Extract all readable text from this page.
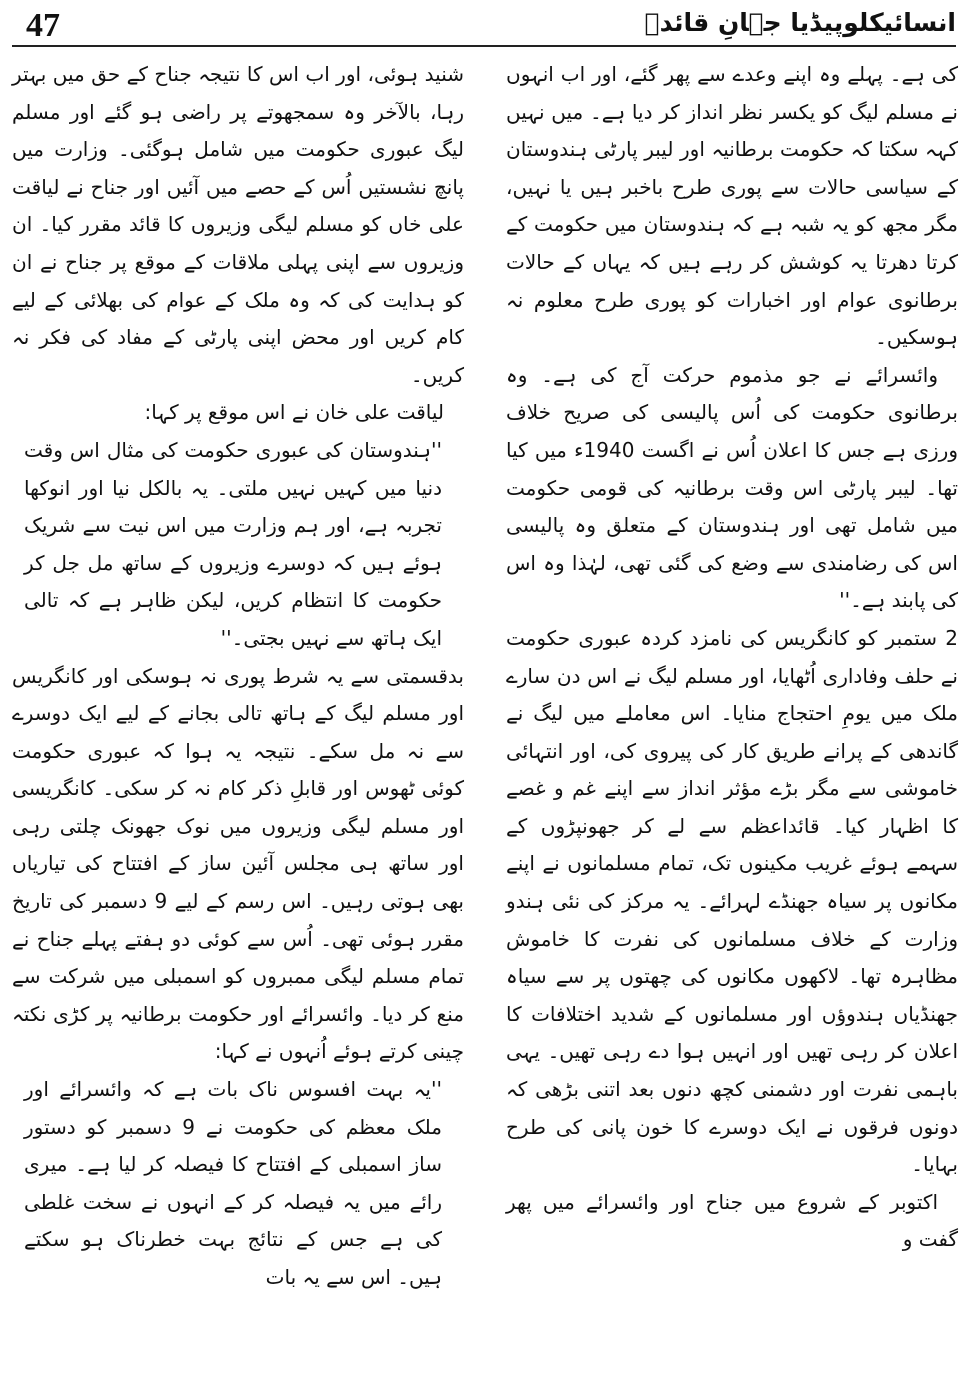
47	انسائیکلوپیڈیا جہانِ قائدؒ

کی ہے۔ پہلے وہ اپنے وعدے سے پھر گئے، اور اب انہوں نے مسلم لیگ کو یکسر نظر انداز کر دیا ہے۔ میں نہیں کہہ سکتا کہ حکومت برطانیہ اور لیبر پارٹی ہندوستان کے سیاسی حالات سے پوری طرح باخبر ہیں یا نہیں، مگر مجھ کو یہ شبہ ہے کہ ہندوستان میں حکومت کے کرتا دھرتا یہ کوشش کر رہے ہیں کہ یہاں کے حالات برطانوی عوام اور اخبارات کو پوری طرح معلوم نہ ہوسکیں۔

وائسرائے نے جو مذموم حرکت آج کی ہے۔ وہ برطانوی حکومت کی اُس پالیسی کی صریح خلاف ورزی ہے جس کا اعلان اُس نے اگست 1940ء میں کیا تھا۔ لیبر پارٹی اس وقت برطانیہ کی قومی حکومت میں شامل تھی اور ہندوستان کے متعلق وہ پالیسی اس کی رضامندی سے وضع کی گئی تھی، لہٰذا وہ اس کی پابند ہے۔''

2 ستمبر کو کانگریس کی نامزد کردہ عبوری حکومت نے حلف وفاداری اُٹھایا، اور مسلم لیگ نے اس دن سارے ملک میں یومِ احتجاج منایا۔ اس معاملے میں لیگ نے گاندھی کے پرانے طریق کار کی پیروی کی، اور انتہائی خاموشی سے مگر بڑے مؤثر انداز سے اپنے غم و غصے کا اظہار کیا۔ قائداعظم سے لے کر جھونپڑوں کے سہمے ہوئے غریب مکینوں تک، تمام مسلمانوں نے اپنے مکانوں پر سیاہ جھنڈے لہرائے۔ یہ مرکز کی نئی ہندو وزارت کے خلاف مسلمانوں کی نفرت کا خاموش مظاہرہ تھا۔ لاکھوں مکانوں کی چھتوں پر سے سیاہ جھنڈیاں ہندوؤں اور مسلمانوں کے شدید اختلافات کا اعلان کر رہی تھیں اور انہیں ہوا دے رہی تھیں۔ یہی باہمی نفرت اور دشمنی کچھ دنوں بعد اتنی بڑھی کہ دونوں فرقوں نے ایک دوسرے کا خون پانی کی طرح بہایا۔

اکتوبر کے شروع میں جناح اور وائسرائے میں پھر گفت و

شنید ہوئی، اور اب اس کا نتیجہ جناح کے حق میں بہتر رہا، بالآخر وہ سمجھوتے پر راضی ہو گئے اور مسلم لیگ عبوری حکومت میں شامل ہوگئی۔ وزارت میں پانچ نشستیں اُس کے حصے میں آئیں اور جناح نے لیاقت علی خاں کو مسلم لیگی وزیروں کا قائد مقرر کیا۔ ان وزیروں سے اپنی پہلی ملاقات کے موقع پر جناح نے ان کو ہدایت کی کہ وہ ملک کے عوام کی بھلائی کے لیے کام کریں اور محض اپنی پارٹی کے مفاد کی فکر نہ کریں۔

لیاقت علی خان نے اس موقع پر کہا:

''ہندوستان کی عبوری حکومت کی مثال اس وقت دنیا میں کہیں نہیں ملتی۔ یہ بالکل نیا اور انوکھا تجربہ ہے، اور ہم وزارت میں اس نیت سے شریک ہوئے ہیں کہ دوسرے وزیروں کے ساتھ مل جل کر حکومت کا انتظام کریں، لیکن ظاہر ہے کہ تالی ایک ہاتھ سے نہیں بجتی۔''

بدقسمتی سے یہ شرط پوری نہ ہوسکی اور کانگریس اور مسلم لیگ کے ہاتھ تالی بجانے کے لیے ایک دوسرے سے نہ مل سکے۔ نتیجہ یہ ہوا کہ عبوری حکومت کوئی ٹھوس اور قابلِ ذکر کام نہ کر سکی۔ کانگریسی اور مسلم لیگی وزیروں میں نوک جھونک چلتی رہی اور ساتھ ہی مجلس آئین ساز کے افتتاح کی تیاریاں بھی ہوتی رہیں۔ اس رسم کے لیے 9 دسمبر کی تاریخ مقرر ہوئی تھی۔ اُس سے کوئی دو ہفتے پہلے جناح نے تمام مسلم لیگی ممبروں کو اسمبلی میں شرکت سے منع کر دیا۔ وائسرائے اور حکومت برطانیہ پر کڑی نکتہ چینی کرتے ہوئے اُنہوں نے کہا:

''یہ بہت افسوس ناک بات ہے کہ وائسرائے اور ملک معظم کی حکومت نے 9 دسمبر کو دستور ساز اسمبلی کے افتتاح کا فیصلہ کر لیا ہے۔ میری رائے میں یہ فیصلہ کر کے انہوں نے سخت غلطی کی ہے جس کے نتائج بہت خطرناک ہو سکتے ہیں۔ اس سے یہ بات
